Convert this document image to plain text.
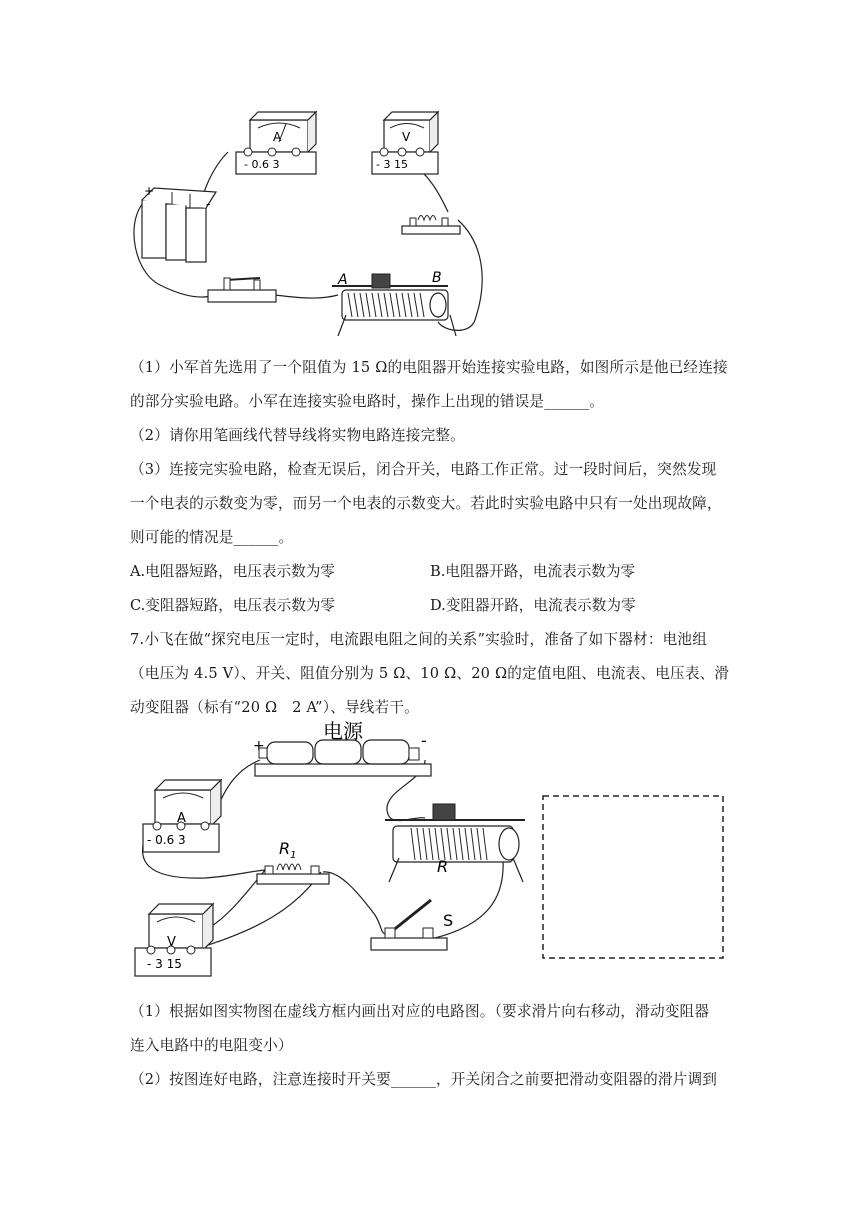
A
- 0.6 3
V
- 3 15
+
-
A	B
（1）小军首先选用了一个阻值为 15 Ω的电阻器开始连接实验电路，如图所示是他已经连接
的部分实验电路。小军在连接实验电路时，操作上出现的错误是______。
（2）请你用笔画线代替导线将实物电路连接完整。
（3）连接完实验电路，检查无误后，闭合开关，电路工作正常。过一段时间后，突然发现
一个电表的示数变为零，而另一个电表的示数变大。若此时实验电路中只有一处出现故障，
则可能的情况是______。
A.电阻器短路，电压表示数为零	B.电阻器开路，电流表示数为零
C.变阻器短路，电压表示数为零	D.变阻器开路，电流表示数为零
7.小飞在做“探究电压一定时，电流跟电阻之间的关系”实验时，准备了如下器材：电池组
（电压为 4.5 V）、开关、阻值分别为 5 Ω、10 Ω、20 Ω的定值电阻、电流表、电压表、滑
动变阻器（标有“20 Ω　2 A”）、导线若干。
电源
+	-
A
- 0.6 3	$R_1$
V
- 3 15
R
S
（1）根据如图实物图在虚线方框内画出对应的电路图。（要求滑片向右移动，滑动变阻器
连入电路中的电阻变小）
（2）按图连好电路，注意连接时开关要______，开关闭合之前要把滑动变阻器的滑片调到
